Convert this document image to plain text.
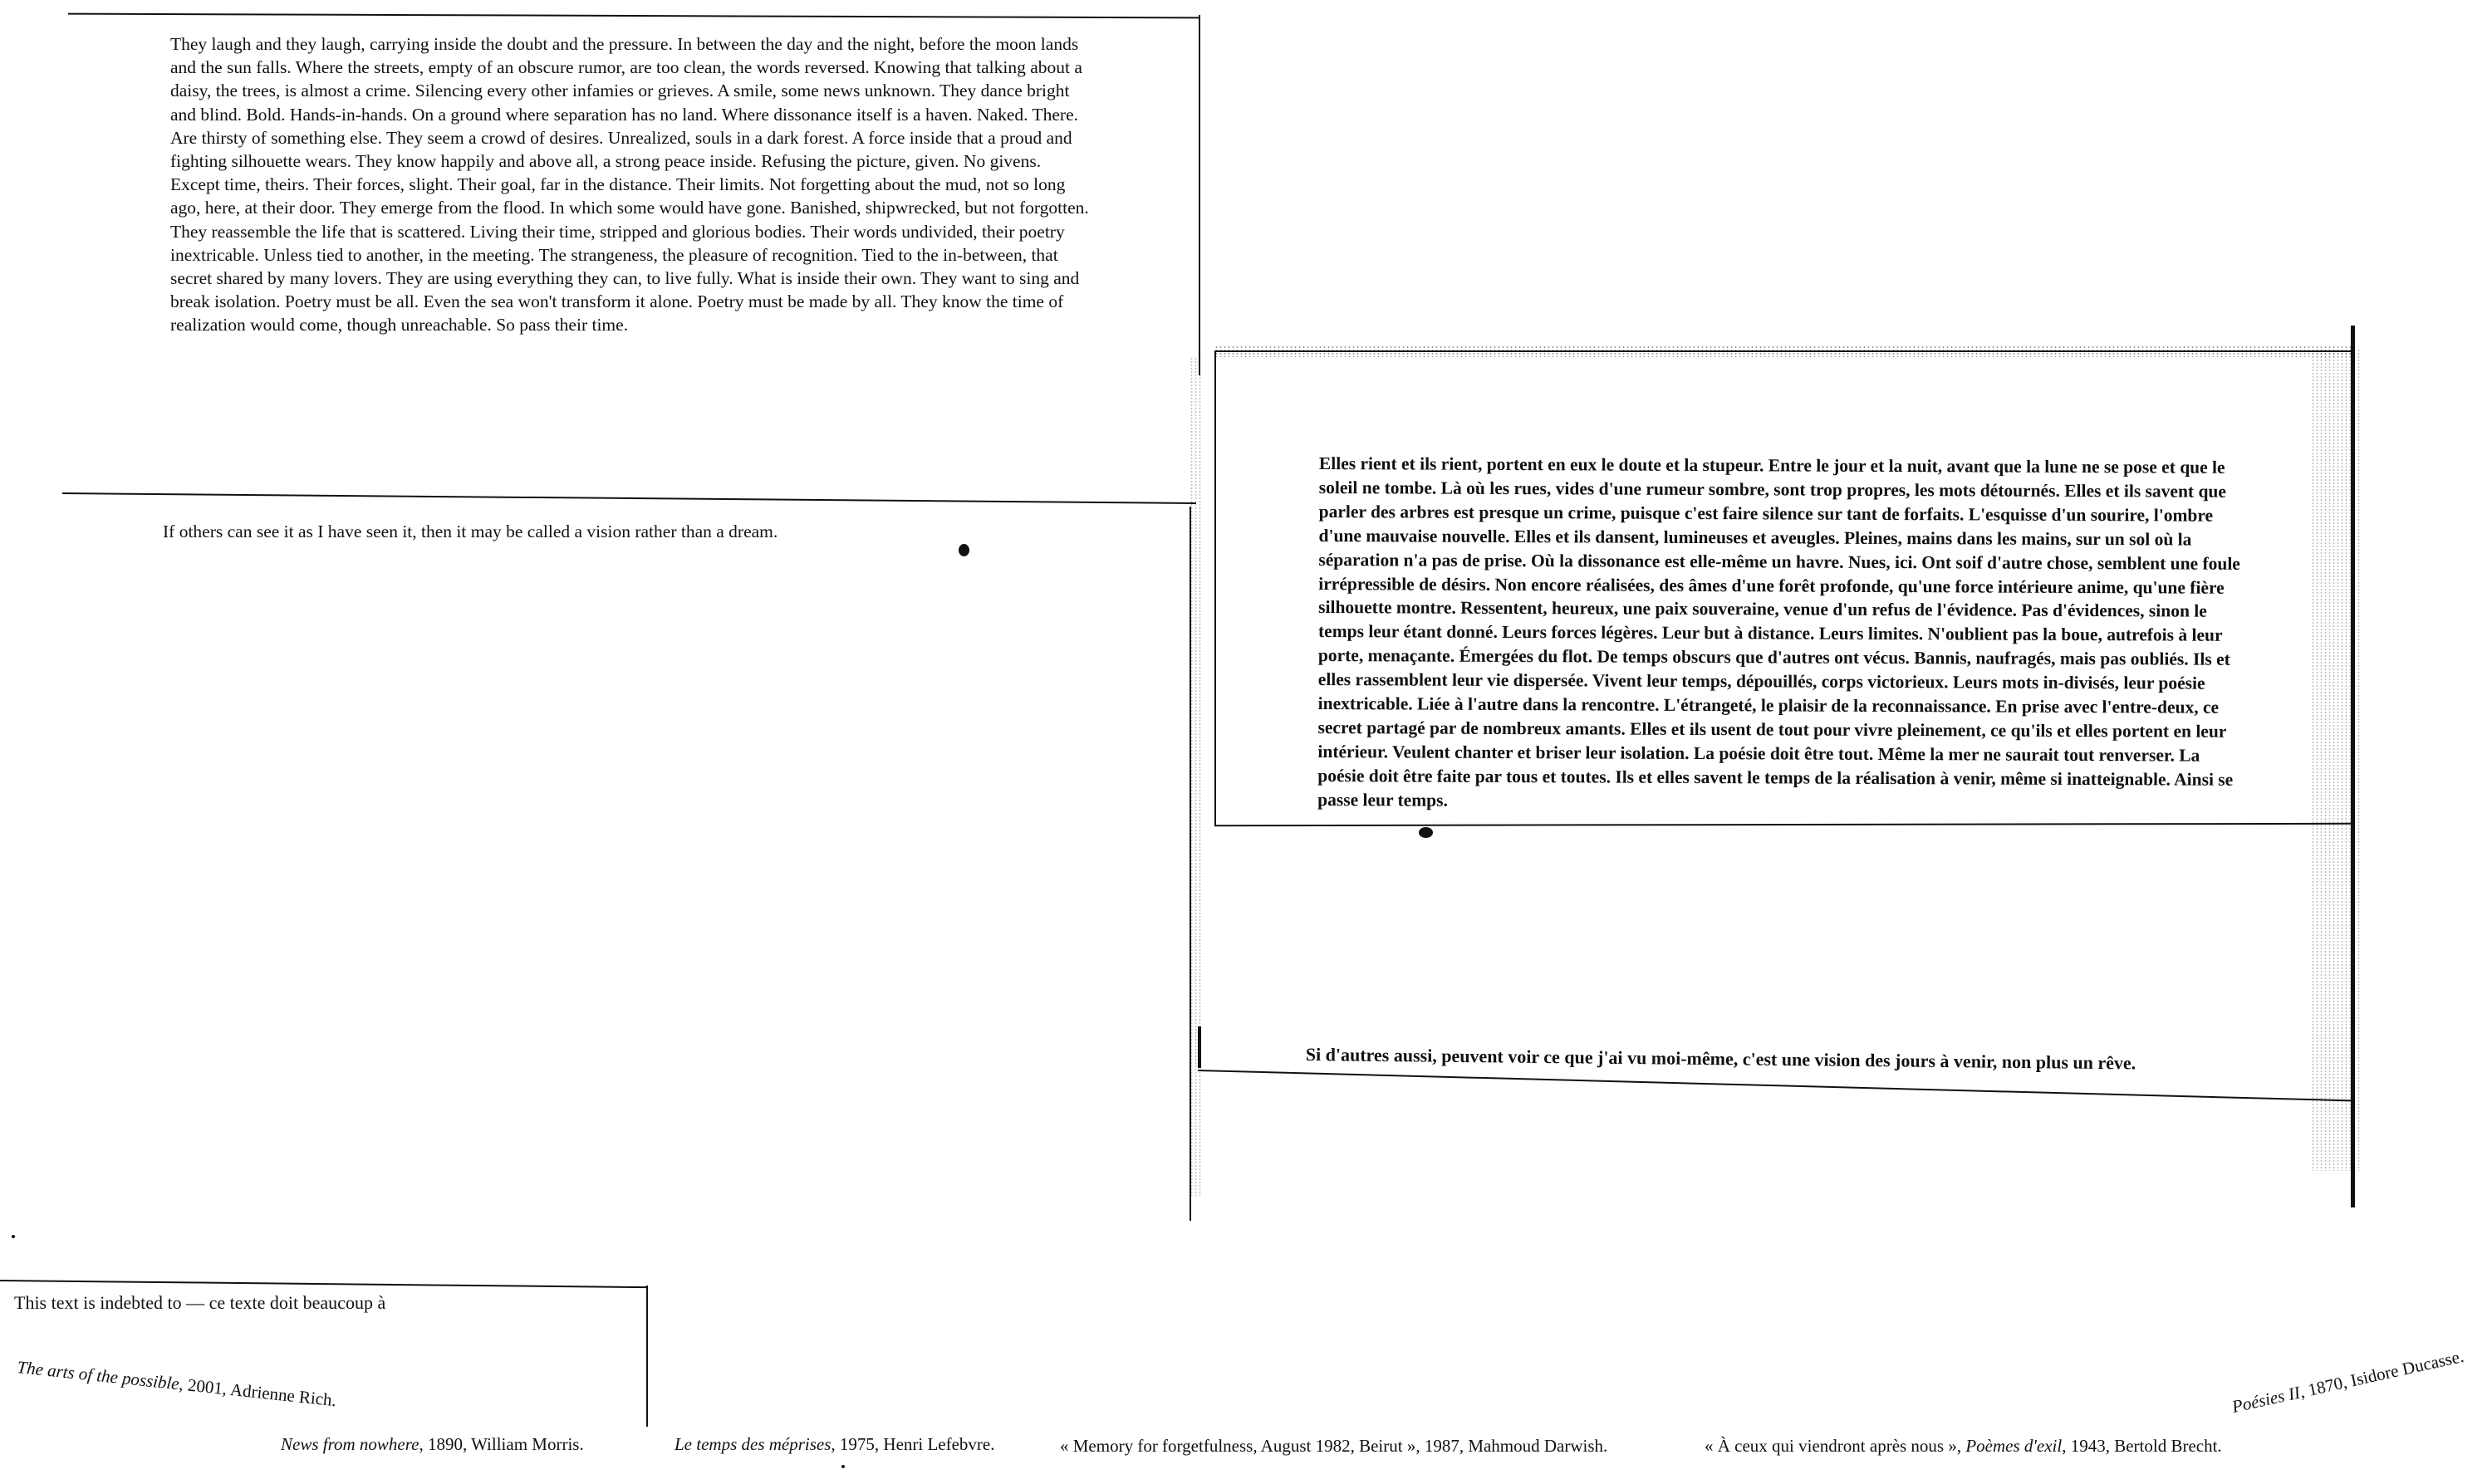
They laugh and they laugh, carrying inside the doubt and the pressure. In between the day and the night, before the moon lands and the sun falls. Where the streets, empty of an obscure rumor, are too clean, the words reversed. Knowing that talking about a daisy, the trees, is almost a crime. Silencing every other infamies or grieves. A smile, some news unknown. They dance bright and blind. Bold. Hands-in-hands. On a ground where separation has no land. Where dissonance itself is a haven. Naked. There. Are thirsty of something else. They seem a crowd of desires. Unrealized, souls in a dark forest. A force inside that a proud and fighting silhouette wears. They know happily and above all, a strong peace inside. Refusing the picture, given. No givens. Except time, theirs. Their forces, slight. Their goal, far in the distance. Their limits. Not forgetting about the mud, not so long ago, here, at their door. They emerge from the flood. In which some would have gone. Banished, shipwrecked, but not forgotten. They reassemble the life that is scattered. Living their time, stripped and glorious bodies. Their words undivided, their poetry inextricable. Unless tied to another, in the meeting. The strangeness, the pleasure of recognition. Tied to the in-between, that secret shared by many lovers. They are using everything they can, to live fully. What is inside their own. They want to sing and break isolation. Poetry must be all. Even the sea won't transform it alone. Poetry must be made by all. They know the time of realization would come, though unreachable. So pass their time.

If others can see it as I have seen it, then it may be called a vision rather than a dream.

Elles rient et ils rient, portent en eux le doute et la stupeur. Entre le jour et la nuit, avant que la lune ne se pose et que le soleil ne tombe. Là où les rues, vides d'une rumeur sombre, sont trop propres, les mots détournés. Elles et ils savent que parler des arbres est presque un crime, puisque c'est faire silence sur tant de forfaits. L'esquisse d'un sourire, l'ombre d'une mauvaise nouvelle. Elles et ils dansent, lumineuses et aveugles. Pleines, mains dans les mains, sur un sol où la séparation n'a pas de prise. Où la dissonance est elle-même un havre. Nues, ici. Ont soif d'autre chose, semblent une foule irrépressible de désirs. Non encore réalisées, des âmes d'une forêt profonde, qu'une force intérieure anime, qu'une fière silhouette montre. Ressentent, heureux, une paix souveraine, venue d'un refus de l'évidence. Pas d'évidences, sinon le temps leur étant donné. Leurs forces légères. Leur but à distance. Leurs limites. N'oublient pas la boue, autrefois à leur porte, menaçante. Émergées du flot. De temps obscurs que d'autres ont vécus. Bannis, naufragés, mais pas oubliés. Ils et elles rassemblent leur vie dispersée. Vivent leur temps, dépouillés, corps victorieux. Leurs mots in-divisés, leur poésie inextricable. Liée à l'autre dans la rencontre. L'étrangeté, le plaisir de la reconnaissance. En prise avec l'entre-deux, ce secret partagé par de nombreux amants. Elles et ils usent de tout pour vivre pleinement, ce qu'ils et elles portent en leur intérieur. Veulent chanter et briser leur isolation. La poésie doit être tout. Même la mer ne saurait tout renverser. La poésie doit être faite par tous et toutes. Ils et elles savent le temps de la réalisation à venir, même si inatteignable. Ainsi se passe leur temps.

Si d'autres aussi, peuvent voir ce que j'ai vu moi-même, c'est une vision des jours à venir, non plus un rêve.

This text is indebted to — ce texte doit beaucoup à

The arts of the possible, 2001, Adrienne Rich.
News from nowhere, 1890, William Morris.	Le temps des méprises, 1975, Henri Lefebvre.	« Memory for forgetfulness, August 1982, Beirut », 1987, Mahmoud Darwish.	« À ceux qui viendront après nous », Poèmes d'exil, 1943, Bertold Brecht.
Poésies II, 1870, Isidore Ducasse.
